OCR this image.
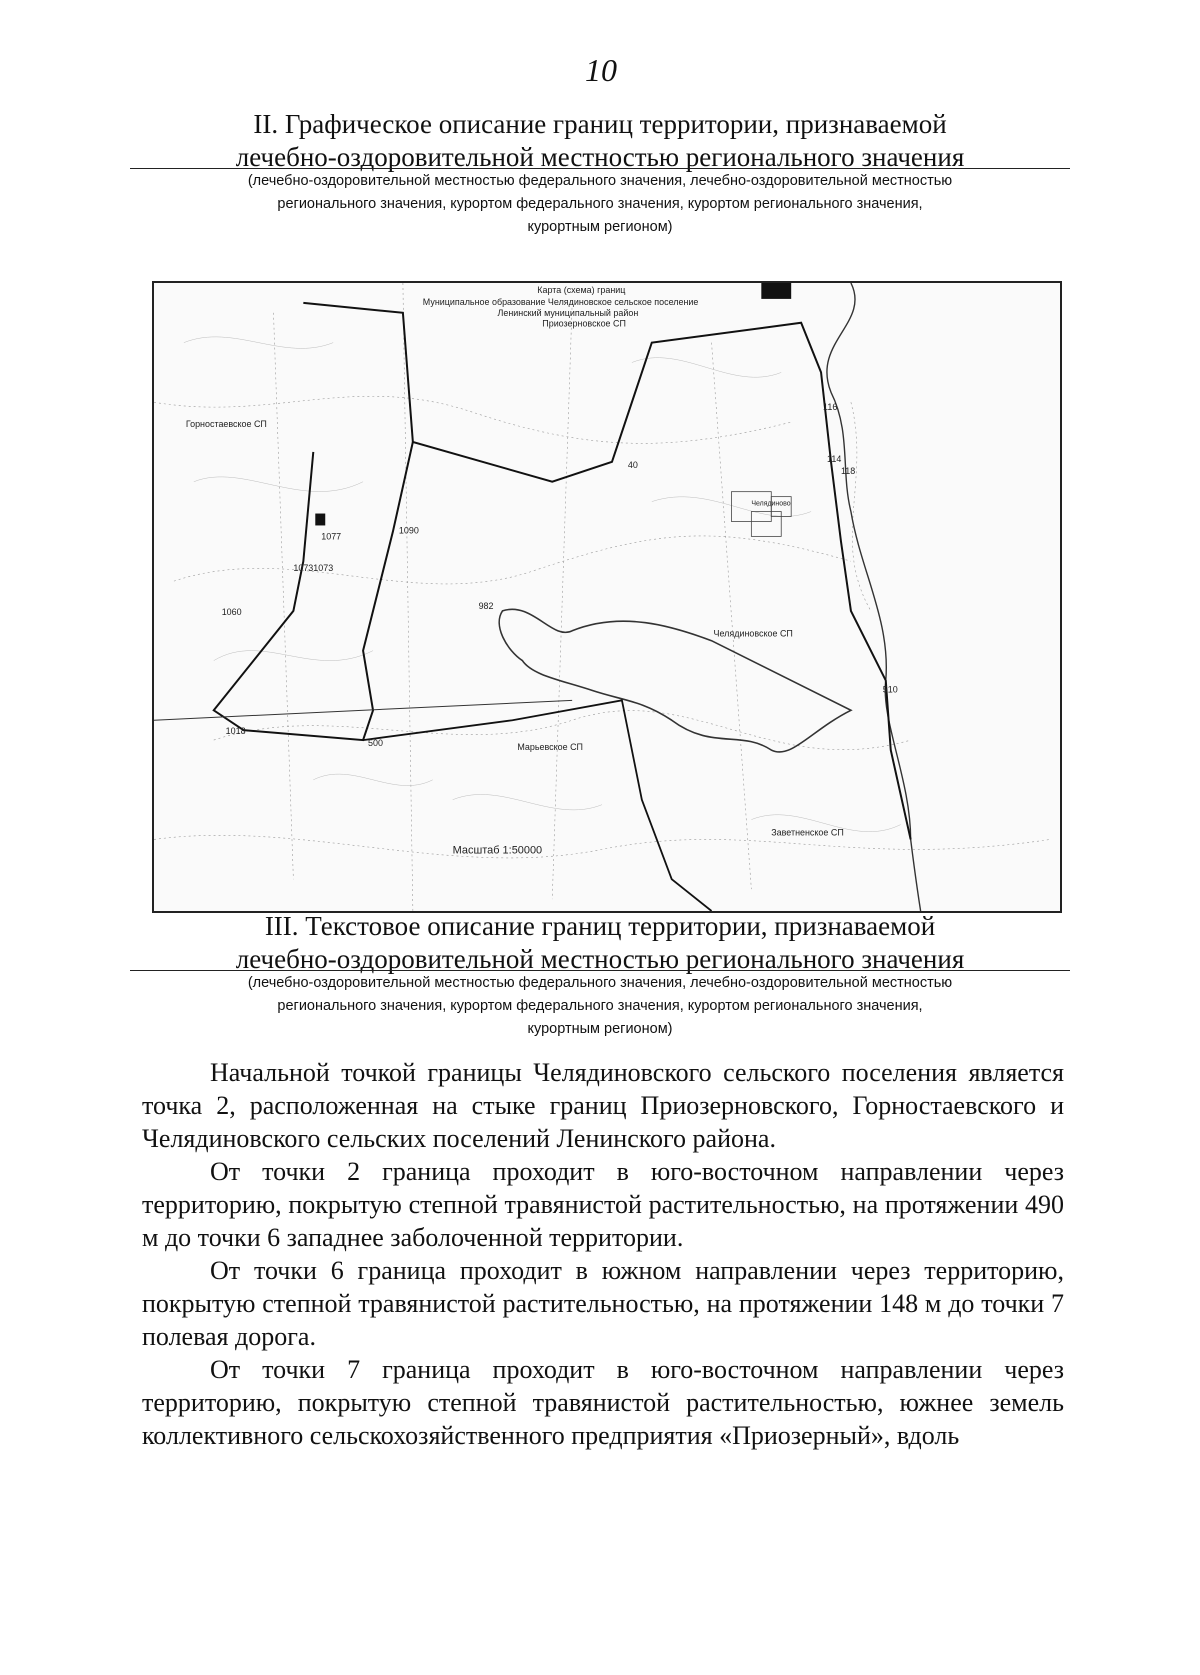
10
II. Графическое описание границ территории, признаваемой
лечебно-оздоровительной местностью регионального значения
(лечебно-оздоровительной местностью федерального значения, лечебно-оздоровительной местностью
регионального значения, курортом федерального значения, курортом регионального значения,
курортным регионом)
Карта (схема) границ
Муниципальное образование Челядиновское сельское поселение
Ленинский муниципальный район
Приозерновское СП
Горностаевское СП
Челядиновское СП
Марьевское СП
Заветненское СП
Масштаб 1:50000
Челядиново
1077
1090
1073 1073
1060
982
1018
500
510
116
118
114
40
III. Текстовое описание границ территории, признаваемой
лечебно-оздоровительной местностью регионального значения
(лечебно-оздоровительной местностью федерального значения, лечебно-оздоровительной местностью
регионального значения, курортом федерального значения, курортом регионального значения,
курортным регионом)

Начальной точкой границы Челядиновского сельского поселения является точка 2, расположенная на стыке границ Приозерновского, Горностаевского и Челядиновского сельских поселений Ленинского района.

От точки 2 граница проходит в юго-восточном направлении через территорию, покрытую степной травянистой растительностью, на протяжении 490 м до точки 6 западнее заболоченной территории.

От точки 6 граница проходит в южном направлении через территорию, покрытую степной травянистой растительностью, на протяжении 148 м до точки 7 полевая дорога.

От точки 7 граница проходит в юго-восточном направлении через территорию, покрытую степной травянистой растительностью, южнее земель коллективного сельскохозяйственного предприятия «Приозерный», вдоль
